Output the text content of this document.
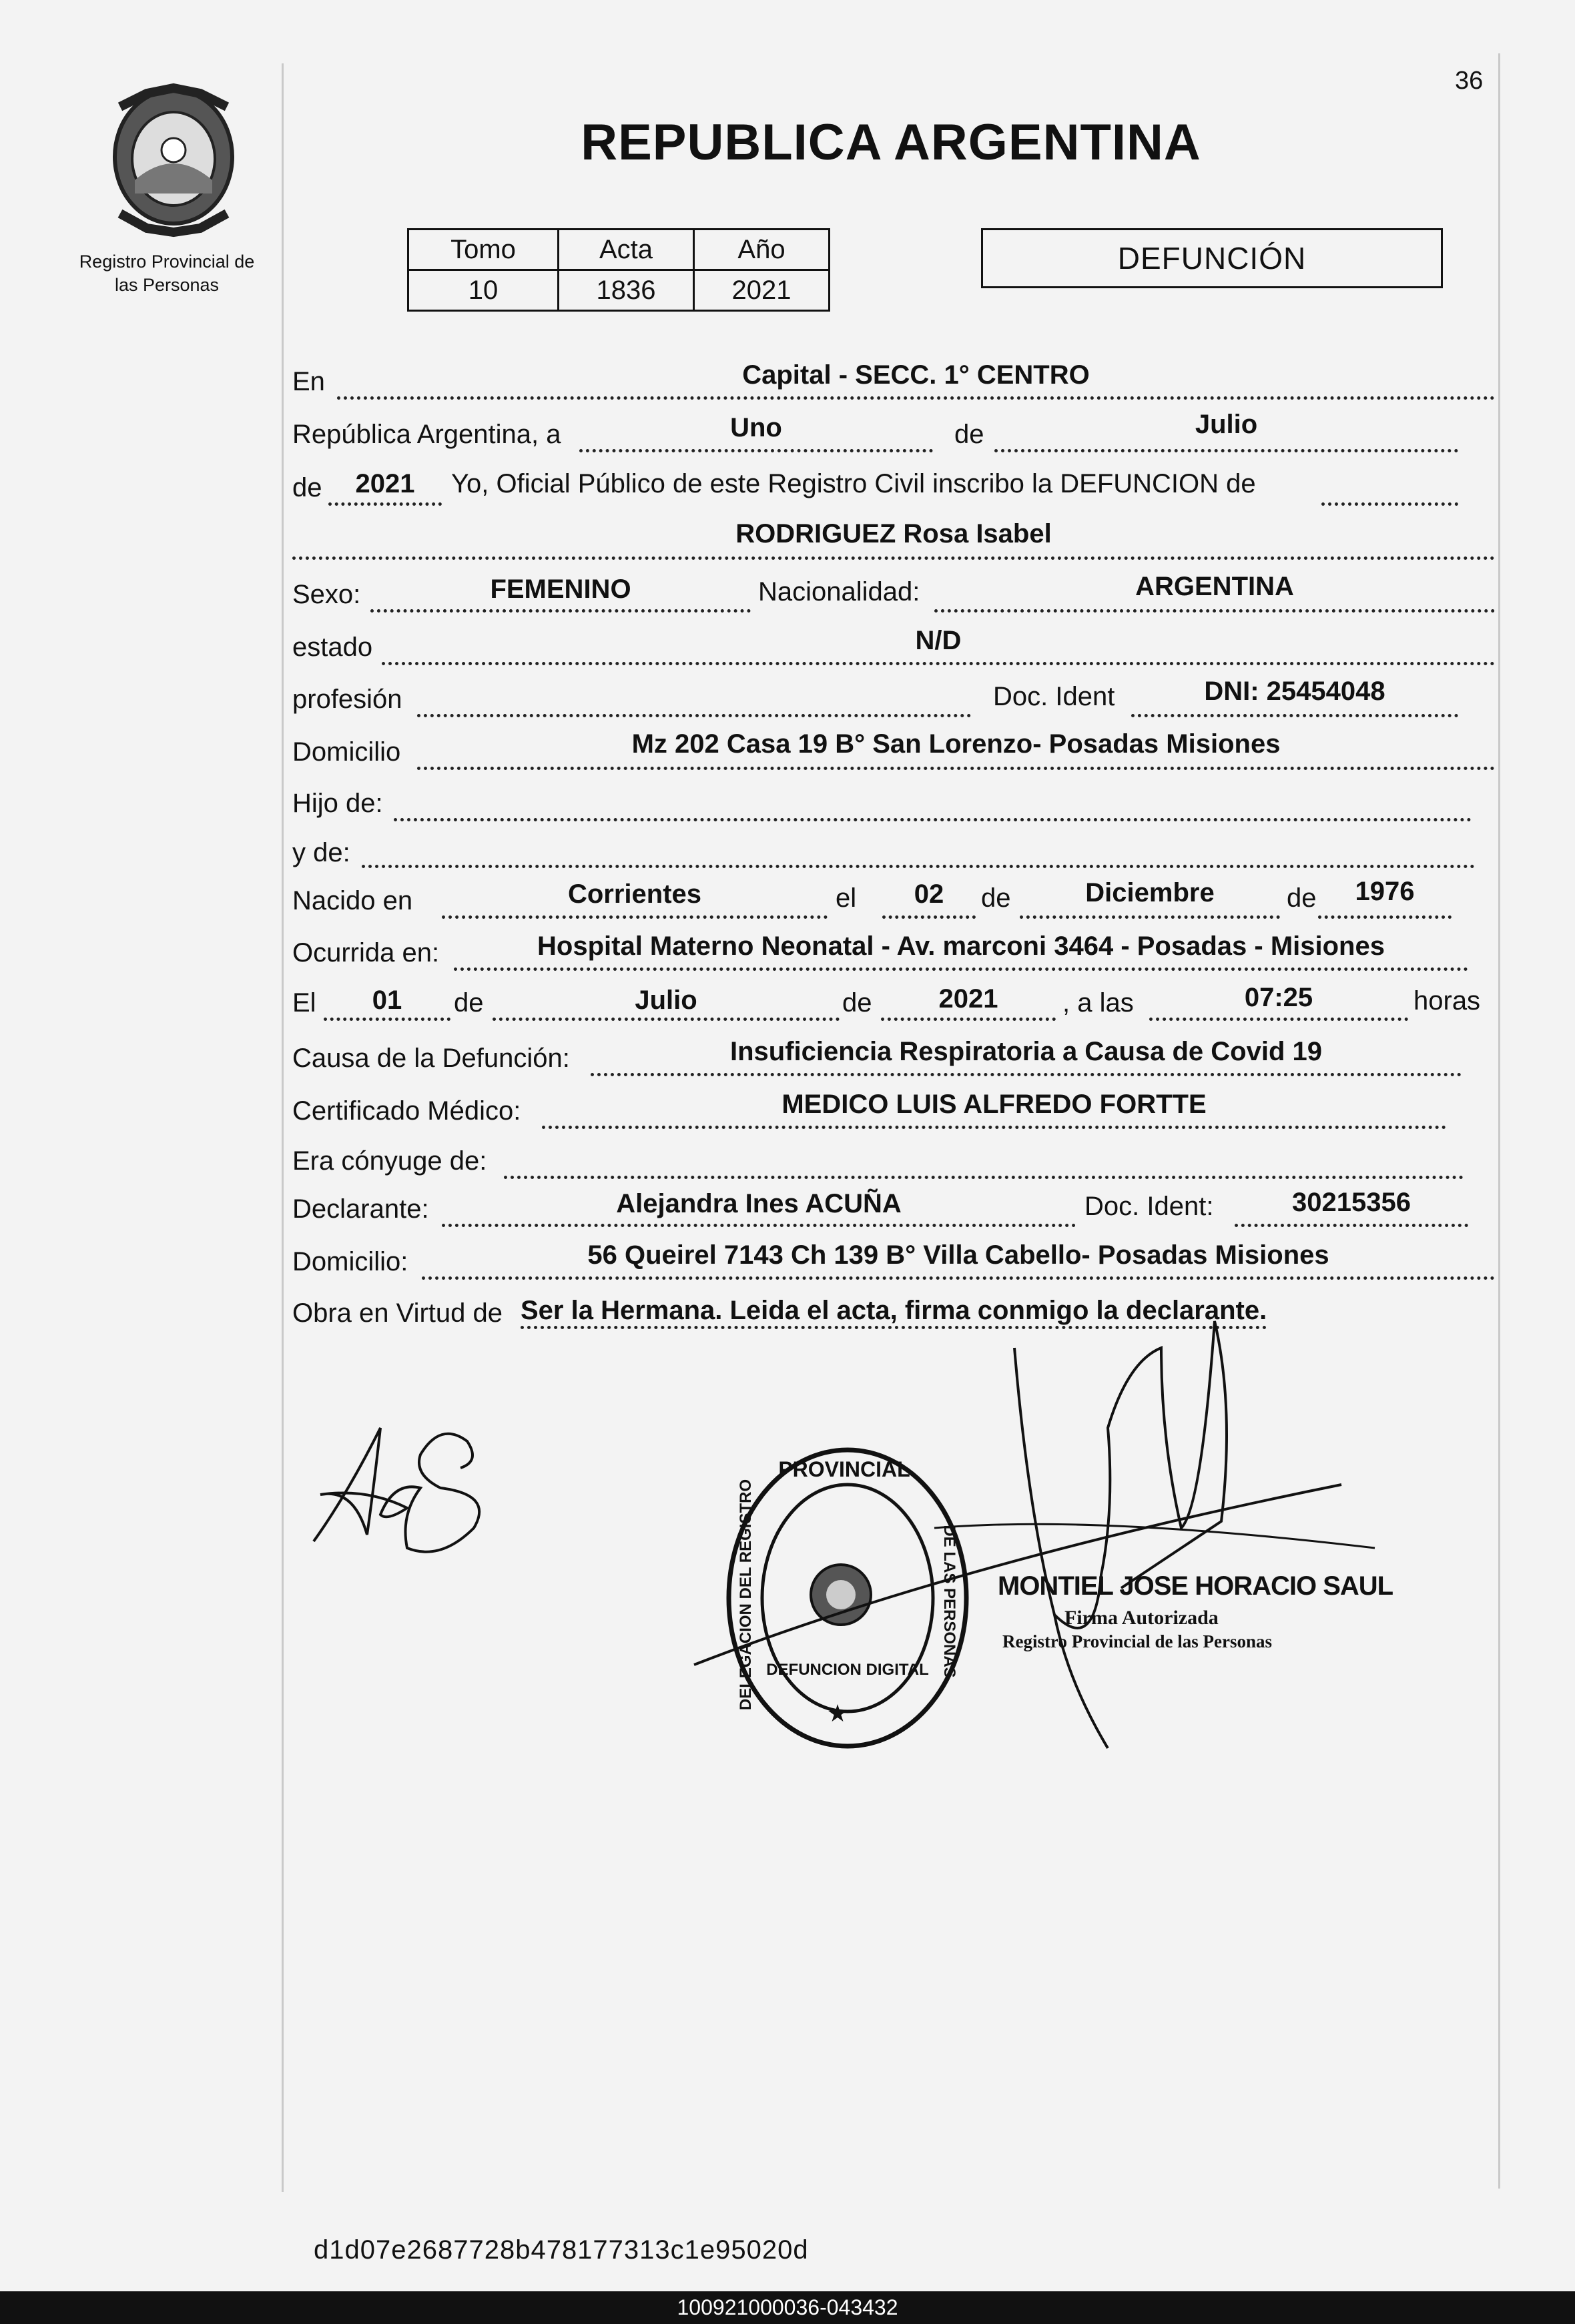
Registro Provincial de
las Personas
36
REPUBLICA ARGENTINA
Tomo	Acta	Año
10	1836	2021
DEFUNCIÓN
En	Capital - SECC. 1° CENTRO
República Argentina, a	Uno	de	Julio
de	2021	Yo, Oficial Público de este Registro Civil inscribo la DEFUNCION de
RODRIGUEZ Rosa Isabel
Sexo:	FEMENINO	Nacionalidad:	ARGENTINA
estado	N/D
profesión	Doc. Ident	DNI: 25454048
Domicilio	Mz 202 Casa 19 B° San Lorenzo- Posadas Misiones
Hijo de:
y de:
Nacido en	Corrientes	el	02	de	Diciembre	de	1976
Ocurrida en:	Hospital Materno Neonatal - Av. marconi 3464 - Posadas - Misiones
El	01	de	Julio	de	2021	, a las	07:25	horas
Causa de la Defunción:	Insuficiencia Respiratoria a Causa de Covid 19
Certificado Médico:	MEDICO LUIS ALFREDO FORTTE
Era cónyuge de:
Declarante:	Alejandra Ines ACUÑA	Doc. Ident:	30215356
Domicilio:	56 Queirel 7143 Ch 139 B° Villa Cabello- Posadas Misiones
Obra en Virtud de Ser la Hermana. Leida el acta, firma conmigo la declarante.
PROVINCIAL
DELEGACION DEL REGISTRO	DE LAS PERSONAS
DEFUNCION DIGITAL
★
MONTIEL JOSE HORACIO SAUL
Firma Autorizada
Registro Provincial de las Personas
d1d07e2687728b478177313c1e95020d
100921000036-043432
